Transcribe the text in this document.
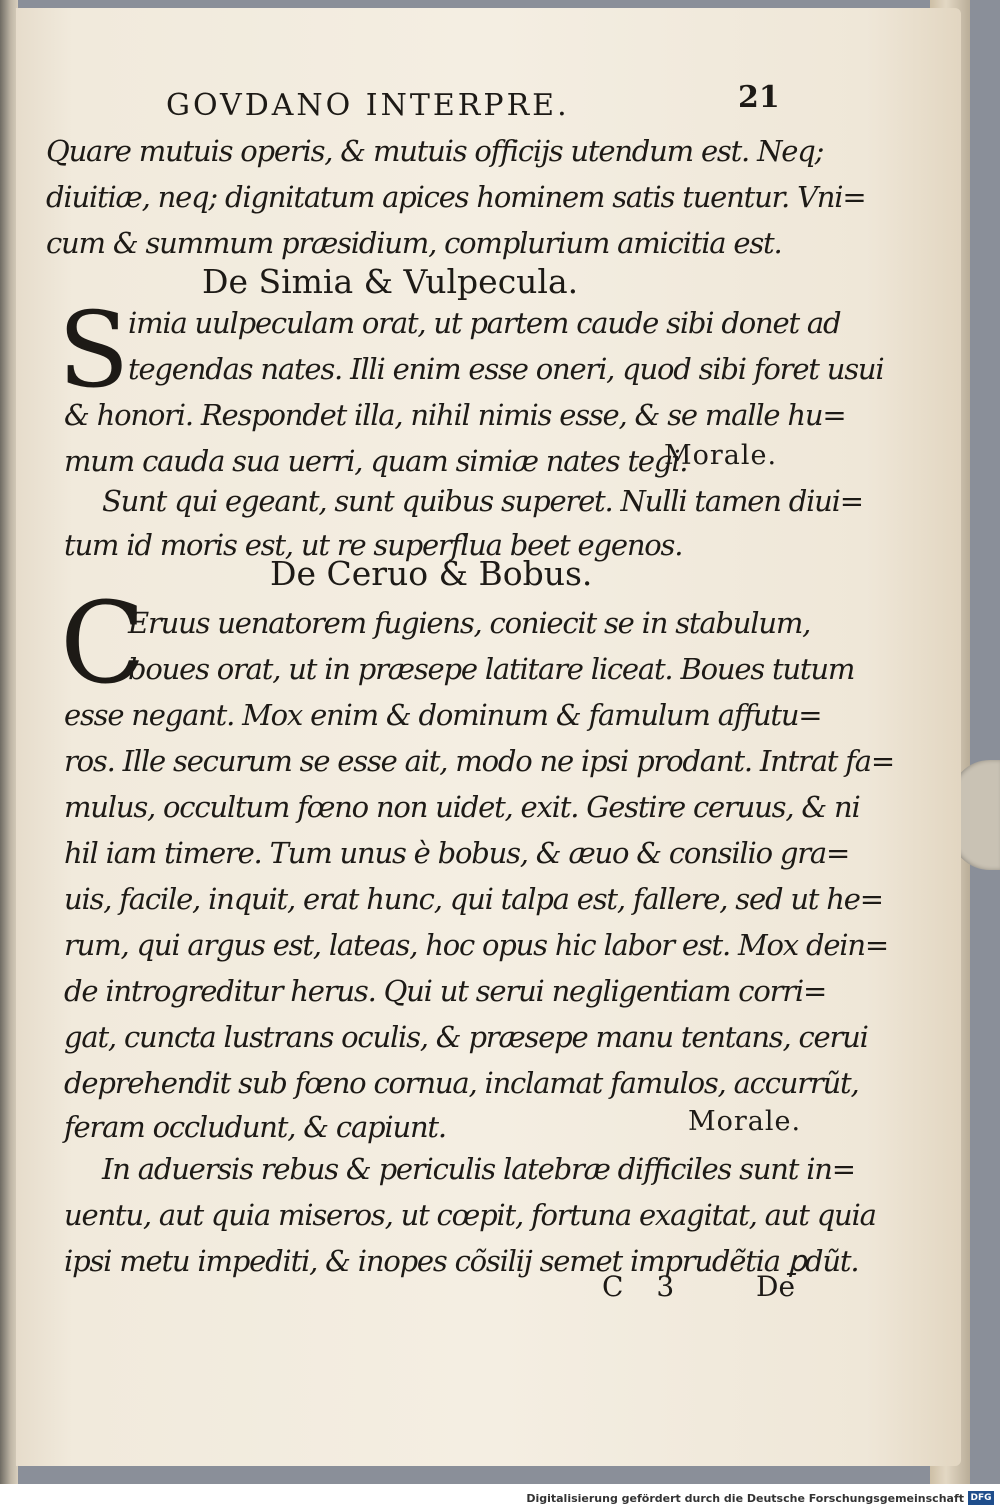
GOVDANO INTERPRE.	21
Quare mutuis operis, & mutuis officijs utendum est. Neq;
diuitiæ, neq; dignitatum apices hominem satis tuentur. Vni=
cum & summum præsidium, complurium amicitia est.
De Simia & Vulpecula.
S
imia uulpeculam orat, ut partem caude sibi donet ad
tegendas nates. Illi enim esse oneri, quod sibi foret usui
& honori. Respondet illa, nihil nimis esse, & se malle hu=
mum cauda sua uerri, quam simiæ nates tegi.
Morale.
Sunt qui egeant, sunt quibus superet. Nulli tamen diui=
tum id moris est, ut re superflua beet egenos.
De Ceruo & Bobus.
C
Eruus uenatorem fugiens, coniecit se in stabulum,
boues orat, ut in præsepe latitare liceat. Boues tutum
esse negant. Mox enim & dominum & famulum affutu=
ros. Ille securum se esse ait, modo ne ipsi prodant. Intrat fa=
mulus, occultum fœno non uidet, exit. Gestire ceruus, & ni
hil iam timere. Tum unus è bobus, & æuo & consilio gra=
uis, facile, inquit, erat hunc, qui talpa est, fallere, sed ut he=
rum, qui argus est, lateas, hoc opus hic labor est. Mox dein=
de introgreditur herus. Qui ut serui negligentiam corri=
gat, cuncta lustrans oculis, & præsepe manu tentans, cerui
deprehendit sub fœno cornua, inclamat famulos, accurrũt,
feram occludunt, & capiunt.	Morale.
In aduersis rebus & periculis latebræ difficiles sunt in=
uentu, aut quia miseros, ut cœpit, fortuna exagitat, aut quia
ipsi metu impediti, & inopes cõsilij semet imprudẽtia ꝑdũt.
C 3 De
Digitalisierung gefördert durch die Deutsche Forschungsgemeinschaft DFG
